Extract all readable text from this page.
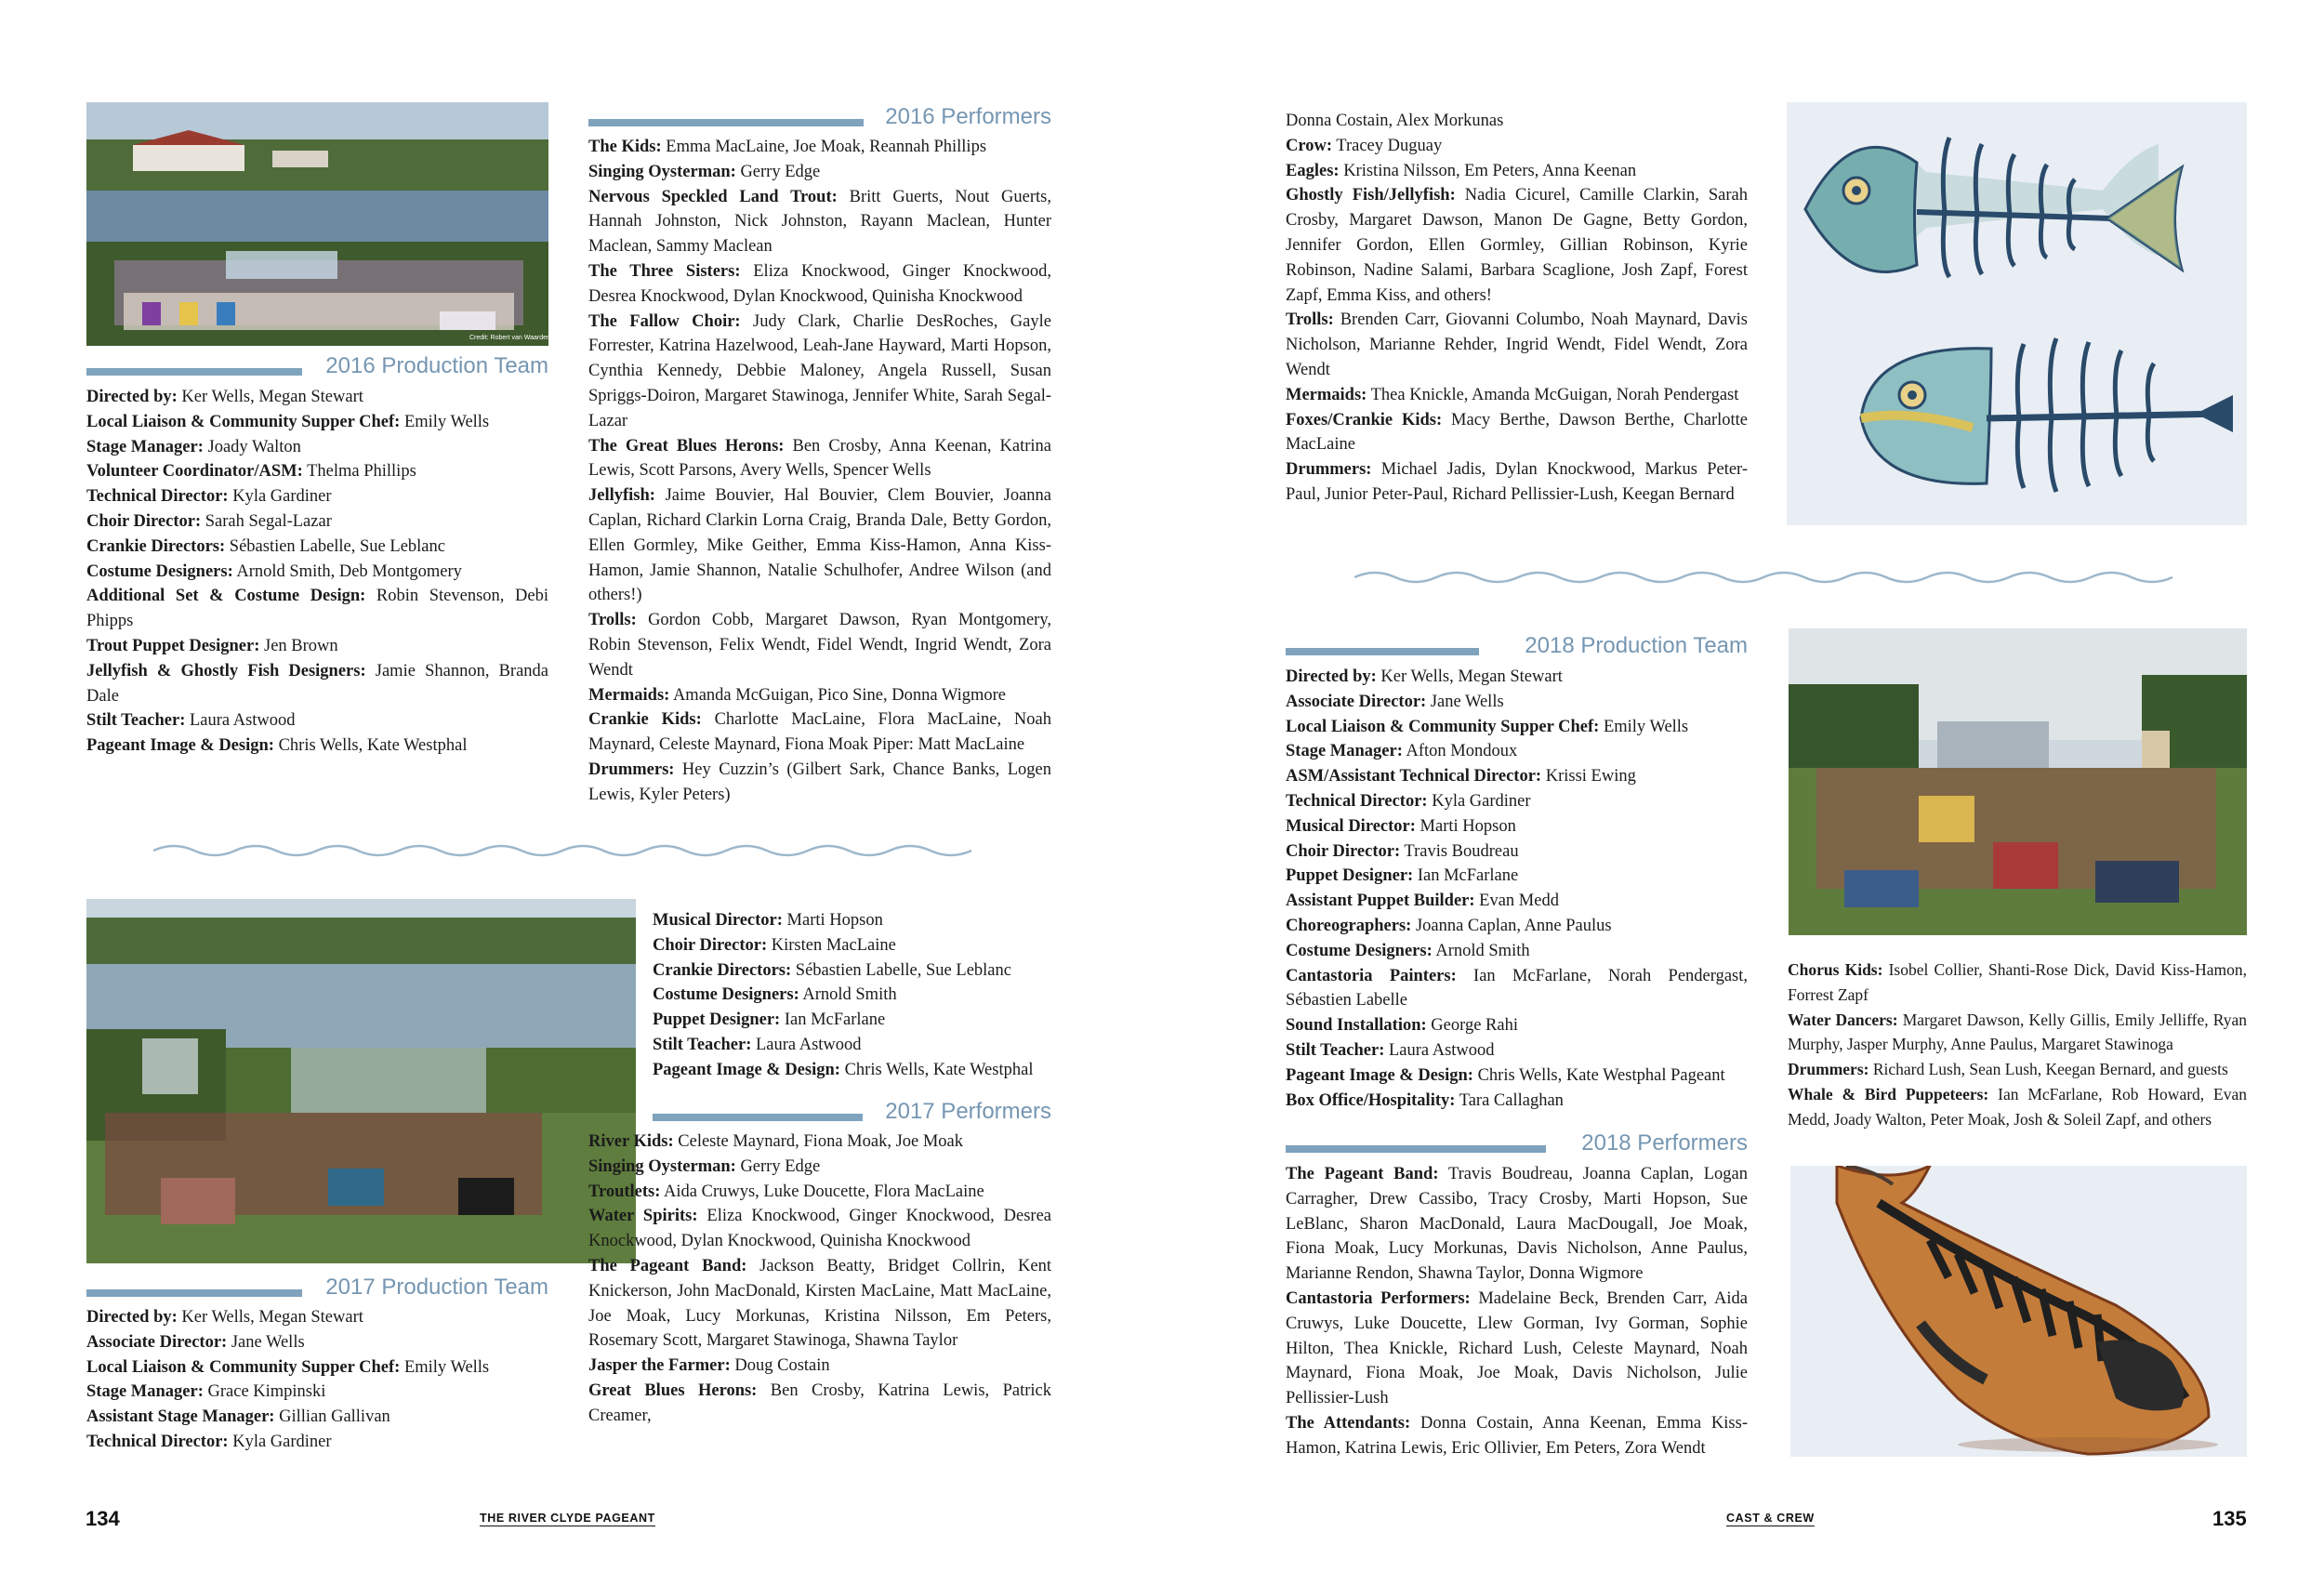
Credit: Robert van Waarden
2016 Production Team
Directed by: Ker Wells, Megan Stewart
Local Liaison & Community Supper Chef: Emily Wells
Stage Manager: Joady Walton
Volunteer Coordinator/ASM: Thelma Phillips
Technical Director: Kyla Gardiner
Choir Director: Sarah Segal-Lazar
Crankie Directors: Sébastien Labelle, Sue Leblanc
Costume Designers: Arnold Smith, Deb Montgomery
Additional Set & Costume Design: Robin Stevenson, Debi Phipps
Trout Puppet Designer: Jen Brown
Jellyfish & Ghostly Fish Designers: Jamie Shannon, Branda Dale
Stilt Teacher: Laura Astwood
Pageant Image & Design: Chris Wells, Kate Westphal
2016 Performers
The Kids: Emma MacLaine, Joe Moak, Reannah Phillips
Singing Oysterman: Gerry Edge
Nervous Speckled Land Trout: Britt Guerts, Nout Guerts, Hannah Johnston, Nick Johnston, Rayann Maclean, Hunter Maclean, Sammy Maclean
The Three Sisters: Eliza Knockwood, Ginger Knockwood, Desrea Knockwood, Dylan Knockwood, Quinisha Knockwood
The Fallow Choir: Judy Clark, Charlie DesRoches, Gayle Forrester, Katrina Hazelwood, Leah-Jane Hayward, Marti Hopson, Cynthia Kennedy, Debbie Maloney, Angela Russell, Susan Spriggs-Doiron, Margaret Stawinoga, Jennifer White, Sarah Segal-Lazar
The Great Blues Herons: Ben Crosby, Anna Keenan, Katrina Lewis, Scott Parsons, Avery Wells, Spencer Wells
Jellyfish: Jaime Bouvier, Hal Bouvier, Clem Bouvier, Joanna Caplan, Richard Clarkin Lorna Craig, Branda Dale, Betty Gordon, Ellen Gormley, Mike Geither, Emma Kiss-Hamon, Anna Kiss-Hamon, Jamie Shannon, Natalie Schulhofer, Andree Wilson (and others!)
Trolls: Gordon Cobb, Margaret Dawson, Ryan Montgomery, Robin Stevenson, Felix Wendt, Fidel Wendt, Ingrid Wendt, Zora Wendt
Mermaids: Amanda McGuigan, Pico Sine, Donna Wigmore
Crankie Kids: Charlotte MacLaine, Flora MacLaine, Noah Maynard, Celeste Maynard, Fiona Moak Piper: Matt MacLaine
Drummers: Hey Cuzzin’s (Gilbert Sark, Chance Banks, Logen Lewis, Kyler Peters)
Musical Director: Marti Hopson
Choir Director: Kirsten MacLaine
Crankie Directors: Sébastien Labelle, Sue Leblanc
Costume Designers: Arnold Smith
Puppet Designer: Ian McFarlane
Stilt Teacher: Laura Astwood
Pageant Image & Design: Chris Wells, Kate Westphal
2017 Performers
River Kids: Celeste Maynard, Fiona Moak, Joe Moak
Singing Oysterman: Gerry Edge
Troutlets: Aida Cruwys, Luke Doucette, Flora MacLaine
Water Spirits: Eliza Knockwood, Ginger Knockwood, Desrea Knockwood, Dylan Knockwood, Quinisha Knockwood
The Pageant Band: Jackson Beatty, Bridget Collrin, Kent Knickerson, John MacDonald, Kirsten MacLaine, Matt MacLaine, Joe Moak, Lucy Morkunas, Kristina Nilsson, Em Peters, Rosemary Scott, Margaret Stawinoga, Shawna Taylor
Jasper the Farmer: Doug Costain
Great Blues Herons: Ben Crosby, Katrina Lewis, Patrick Creamer,
2017 Production Team
Directed by: Ker Wells, Megan Stewart
Associate Director: Jane Wells
Local Liaison & Community Supper Chef: Emily Wells
Stage Manager: Grace Kimpinski
Assistant Stage Manager: Gillian Gallivan
Technical Director: Kyla Gardiner
134	THE RIVER CLYDE PAGEANT
Donna Costain, Alex Morkunas
Crow: Tracey Duguay
Eagles: Kristina Nilsson, Em Peters, Anna Keenan
Ghostly Fish/Jellyfish: Nadia Cicurel, Camille Clarkin, Sarah Crosby, Margaret Dawson, Manon De Gagne, Betty Gordon, Jennifer Gordon, Ellen Gormley, Gillian Robinson, Kyrie Robinson, Nadine Salami, Barbara Scaglione, Josh Zapf, Forest Zapf, Emma Kiss, and others!
Trolls: Brenden Carr, Giovanni Columbo, Noah Maynard, Davis Nicholson, Marianne Rehder, Ingrid Wendt, Fidel Wendt, Zora Wendt
Mermaids: Thea Knickle, Amanda McGuigan, Norah Pendergast
Foxes/Crankie Kids: Macy Berthe, Dawson Berthe, Charlotte MacLaine
Drummers: Michael Jadis, Dylan Knockwood, Markus Peter-Paul, Junior Peter-Paul, Richard Pellissier-Lush, Keegan Bernard
2018 Production Team
Directed by: Ker Wells, Megan Stewart
Associate Director: Jane Wells
Local Liaison & Community Supper Chef: Emily Wells
Stage Manager: Afton Mondoux
ASM/Assistant Technical Director: Krissi Ewing
Technical Director: Kyla Gardiner
Musical Director: Marti Hopson
Choir Director: Travis Boudreau
Puppet Designer: Ian McFarlane
Assistant Puppet Builder: Evan Medd
Choreographers: Joanna Caplan, Anne Paulus
Costume Designers: Arnold Smith
Cantastoria Painters: Ian McFarlane, Norah Pendergast, Sébastien Labelle
Sound Installation: George Rahi
Stilt Teacher: Laura Astwood
Pageant Image & Design: Chris Wells, Kate Westphal Pageant
Box Office/Hospitality: Tara Callaghan
Chorus Kids: Isobel Collier, Shanti-Rose Dick, David Kiss-Hamon, Forrest Zapf
Water Dancers: Margaret Dawson, Kelly Gillis, Emily Jelliffe, Ryan Murphy, Jasper Murphy, Anne Paulus, Margaret Stawinoga
Drummers: Richard Lush, Sean Lush, Keegan Bernard, and guests
Whale & Bird Puppeteers: Ian McFarlane, Rob Howard, Evan Medd, Joady Walton, Peter Moak, Josh & Soleil Zapf, and others
2018 Performers
The Pageant Band: Travis Boudreau, Joanna Caplan, Logan Carragher, Drew Cassibo, Tracy Crosby, Marti Hopson, Sue LeBlanc, Sharon MacDonald, Laura MacDougall, Joe Moak, Fiona Moak, Lucy Morkunas, Davis Nicholson, Anne Paulus, Marianne Rendon, Shawna Taylor, Donna Wigmore
Cantastoria Performers: Madelaine Beck, Brenden Carr, Aida Cruwys, Luke Doucette, Llew Gorman, Ivy Gorman, Sophie Hilton, Thea Knickle, Richard Lush, Celeste Maynard, Noah Maynard, Fiona Moak, Joe Moak, Davis Nicholson, Julie Pellissier-Lush
The Attendants: Donna Costain, Anna Keenan, Emma Kiss-Hamon, Katrina Lewis, Eric Ollivier, Em Peters, Zora Wendt
CAST & CREW	135
